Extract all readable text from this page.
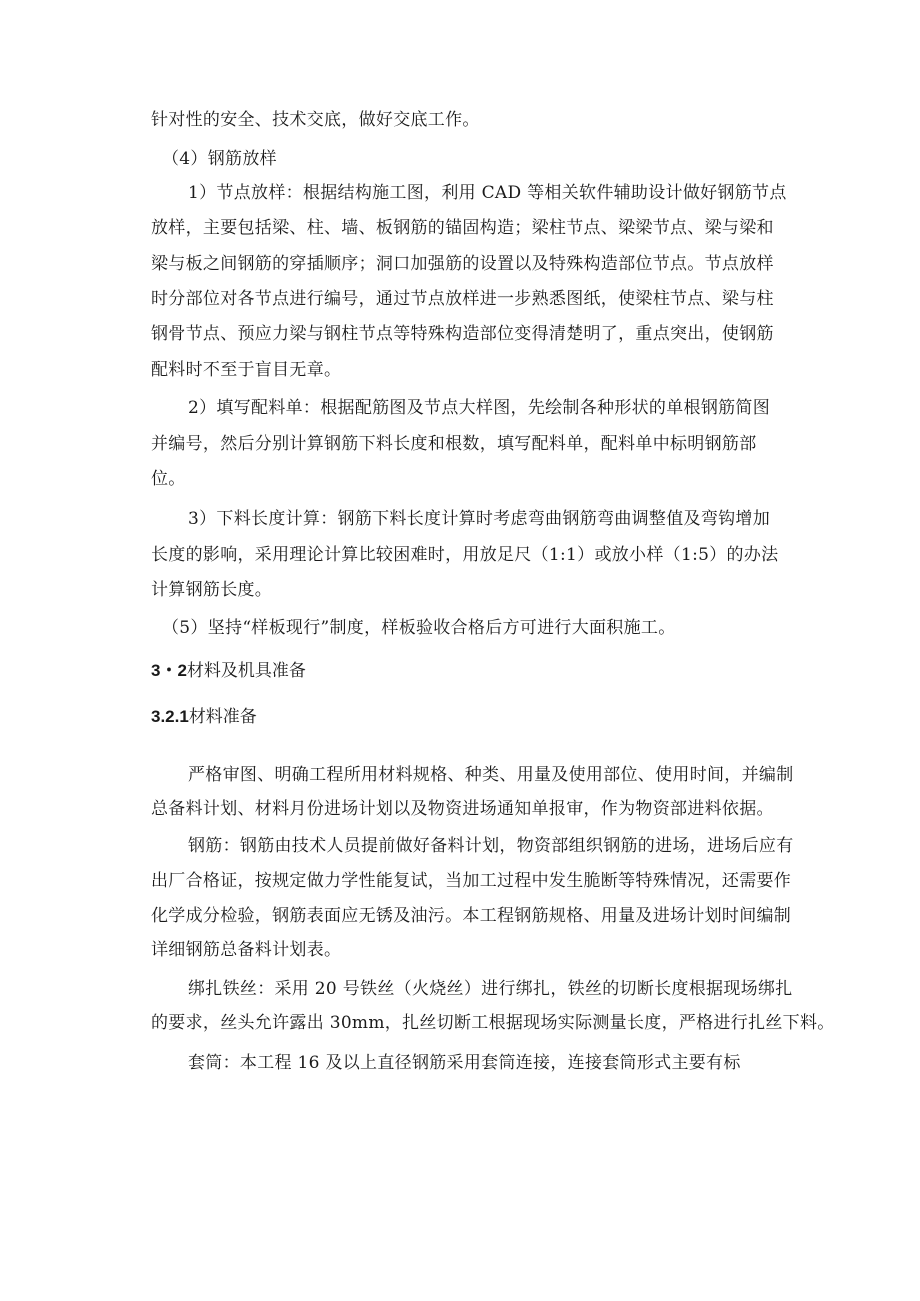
针对性的安全、技术交底，做好交底工作。
（4）钢筋放样
1）节点放样：根据结构施工图，利用 CAD 等相关软件辅助设计做好钢筋节点
放样，主要包括梁、柱、墙、板钢筋的锚固构造；梁柱节点、梁梁节点、梁与梁和
梁与板之间钢筋的穿插顺序；洞口加强筋的设置以及特殊构造部位节点。节点放样
时分部位对各节点进行编号，通过节点放样进一步熟悉图纸，使梁柱节点、梁与柱
钢骨节点、预应力梁与钢柱节点等特殊构造部位变得清楚明了，重点突出，使钢筋
配料时不至于盲目无章。
2）填写配料单：根据配筋图及节点大样图，先绘制各种形状的单根钢筋简图
并编号，然后分别计算钢筋下料长度和根数，填写配料单，配料单中标明钢筋部
位。
3）下料长度计算：钢筋下料长度计算时考虑弯曲钢筋弯曲调整值及弯钩增加
长度的影响，采用理论计算比较困难时，用放足尺（1:1）或放小样（1:5）的办法
计算钢筋长度。
（5）坚持“样板现行”制度，样板验收合格后方可进行大面积施工。
3・2材料及机具准备
3.2.1材料准备
严格审图、明确工程所用材料规格、种类、用量及使用部位、使用时间，并编制
总备料计划、材料月份进场计划以及物资进场通知单报审，作为物资部进料依据。
钢筋：钢筋由技术人员提前做好备料计划，物资部组织钢筋的进场，进场后应有
出厂合格证，按规定做力学性能复试，当加工过程中发生脆断等特殊情况，还需要作
化学成分检验，钢筋表面应无锈及油污。本工程钢筋规格、用量及进场计划时间编制
详细钢筋总备料计划表。
绑扎铁丝：采用 20 号铁丝（火烧丝）进行绑扎，铁丝的切断长度根据现场绑扎
的要求，丝头允许露出 30mm，扎丝切断工根据现场实际测量长度，严格进行扎丝下料。
套筒：本工程 16 及以上直径钢筋采用套筒连接，连接套筒形式主要有标
